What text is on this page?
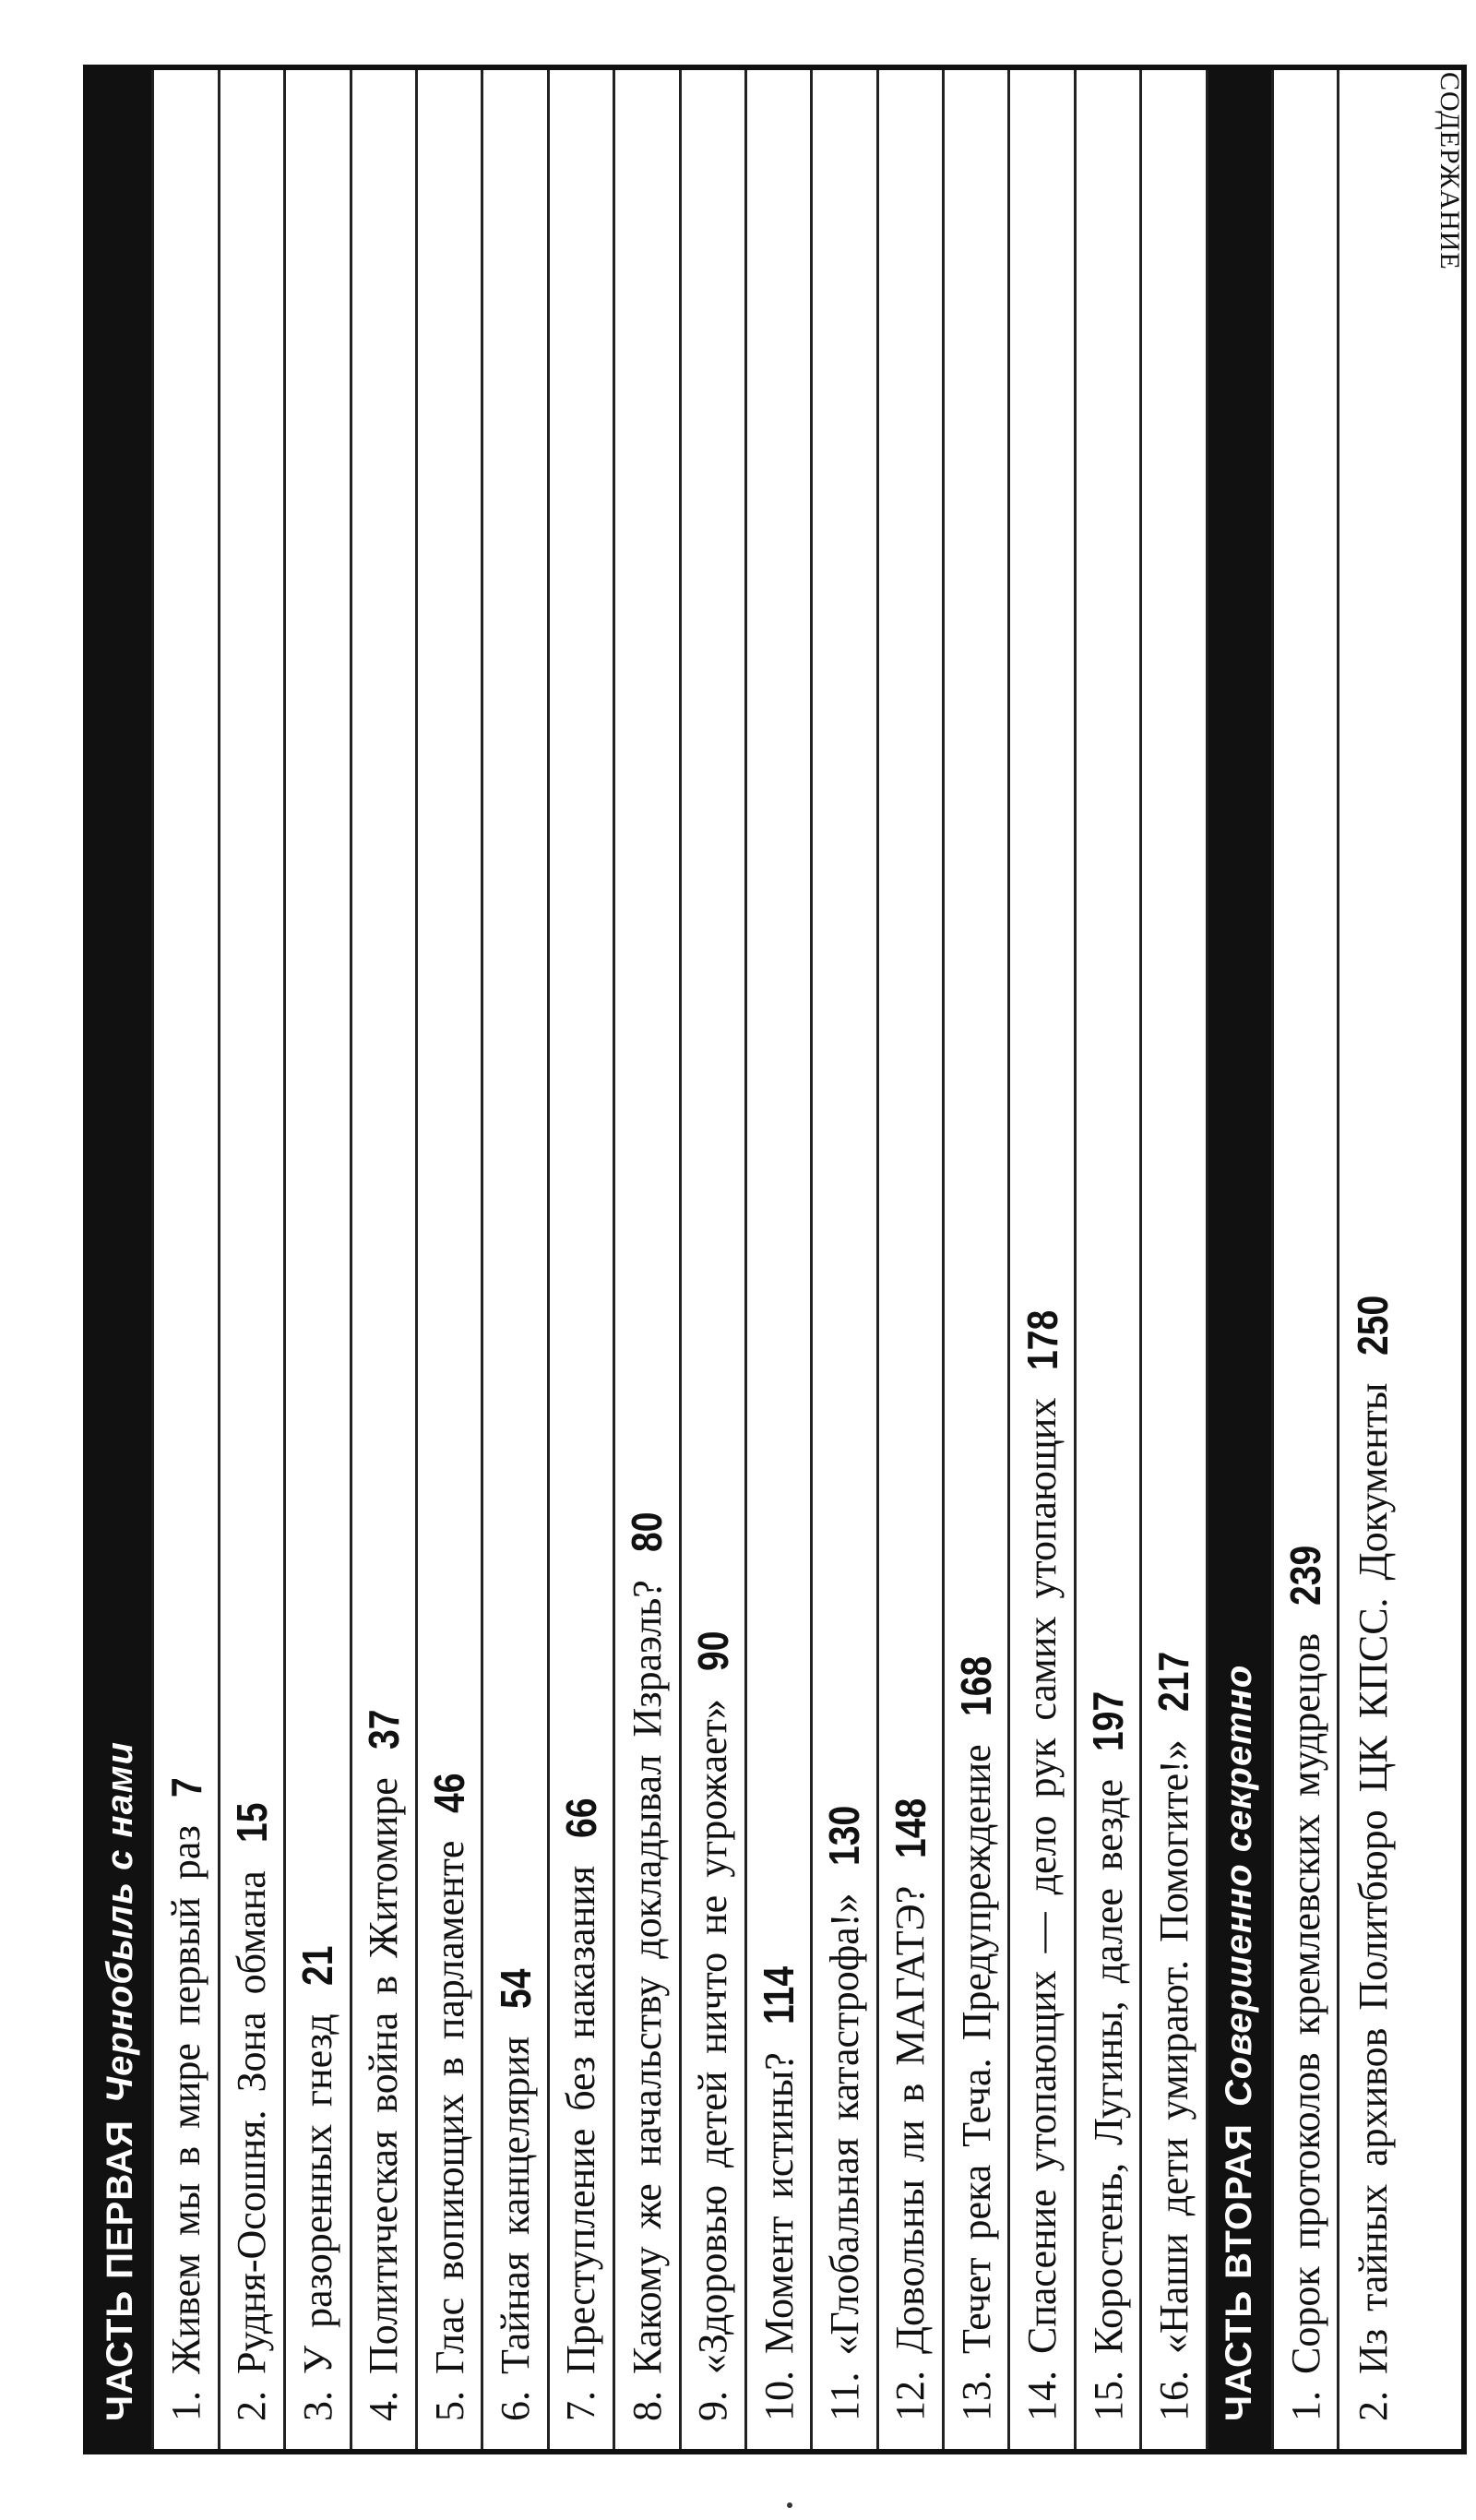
СОДЕРЖАНИЕ
ЧАСТЬ ПЕРВАЯ
Чернобыль с нами
1.
Живем мы в мире первый раз
7
2.
Рудня-Осошня. Зона обмана
15
3.
У разоренных гнезд
21
4.
Политическая война в Житомире
37
5.
Глас вопиющих в парламенте
46
6.
Тайная канцелярия
54
7.
Преступление без наказания
66
8.
Какому же начальству докладывал Израэль?
80
9.
«Здоровью детей ничто не угрожает»
90
10.
Момент истины?
114
11.
«Глобальная катастрофа!»
130
12.
Довольны ли в МАГАТЭ?
148
13.
Течет река Теча. Предупреждение
168
14.
Спасение утопающих — дело рук самих утопающих
178
15.
Коростень, Лугины, далее везде
197
16.
«Наши дети умирают. Помогите!»
217
ЧАСТЬ ВТОРАЯ
Совершенно секретно
1.
Сорок протоколов кремлевских мудрецов
239
2.
Из тайных архивов Политбюро ЦК КПСС. Документы
250
